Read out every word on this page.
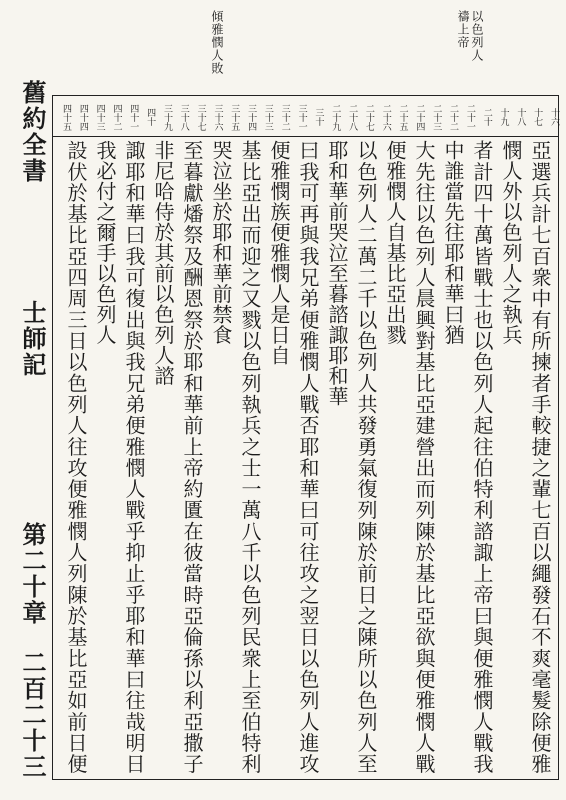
舊約全書
士師記
第二十章
二百二十三
傾雅憫人敗	以色列人
禱上帝
十六
十七
十八
十九
二十
二十一
二十二
二十三
二十四
二十五
二十六
二十七
二十八
二十九
三十
三十一
三十二
三十三
三十四
三十五
三十六
三十七
三十八
三十九
四十
四十一
四十二
四十三
四十四
四十五
亞選兵計七百衆中有所揀者手較捷之輩七百以繩發石不爽毫髮除便雅憫人外以色列人之執兵
者計四十萬皆戰士也以色列人起往伯特利諮諏上帝曰與便雅憫人戰我中誰當先往耶和華曰猶
大先往以色列人晨興對基比亞建營出而列陳於基比亞欲與便雅憫人戰便雅憫人自基比亞出戮
以色列人二萬二千以色列人共發勇氣復列陳於前日之陳所以色列人至耶和華前哭泣至暮諮諏耶和華
曰我可再與我兄弟便雅憫人戰否耶和華曰可往攻之翌日以色列人進攻便雅憫族便雅憫人是日自
基比亞出而迎之又戮以色列執兵之士一萬八千以色列民衆上至伯特利哭泣坐於耶和華前禁食
至暮獻燔祭及酬恩祭於耶和華前上帝約匱在彼當時亞倫孫以利亞撒子非尼哈侍於其前以色列人諮
諏耶和華曰我可復出與我兄弟便雅憫人戰乎抑止乎耶和華曰往哉明日我必付之爾手以色列人
設伏於基比亞四周三日以色列人往攻便雅憫人列陳於基比亞如前日便
